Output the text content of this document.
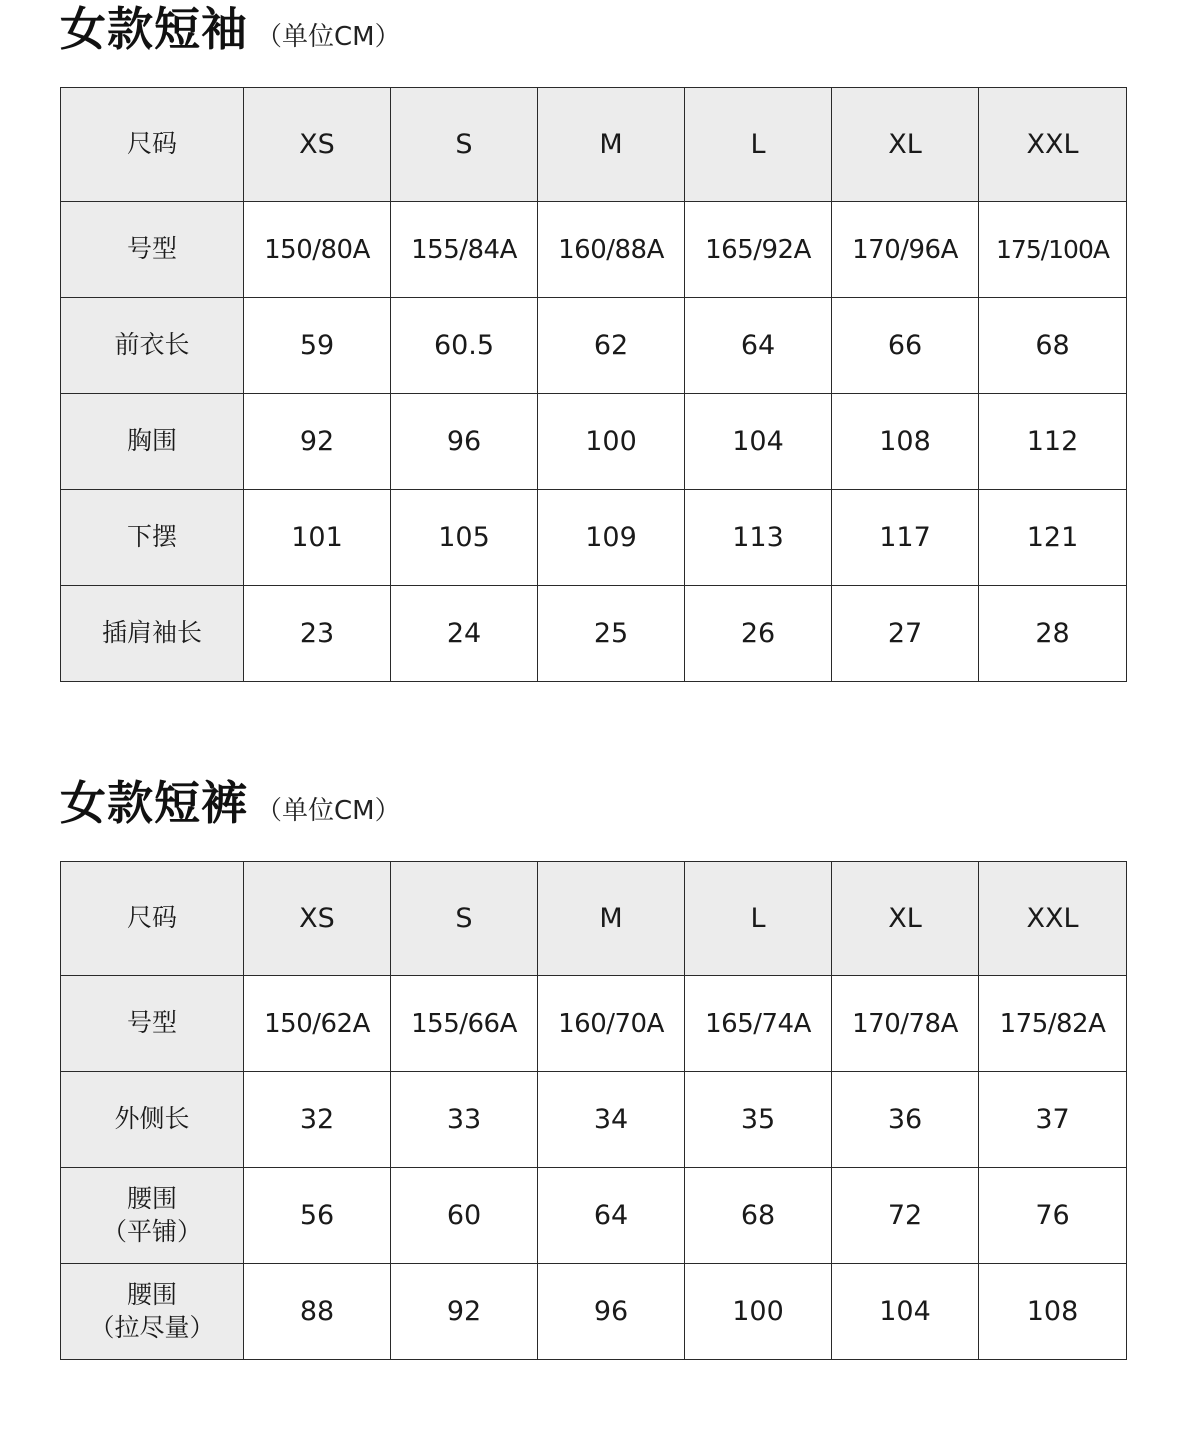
女款短袖 （单位CM）
尺码	XS	S	M	L	XL	XXL

号型	150/80A	155/84A	160/88A	165/92A	170/96A	175/100A

前衣长	59	60.5	62	64	66	68

胸围	92	96	100	104	108	112

下摆	101	105	109	113	117	121

插肩袖长	23	24	25	26	27	28
女款短裤 （单位CM）
尺码	XS	S	M	L	XL	XXL

号型	150/62A	155/66A	160/70A	165/74A	170/78A	175/82A

外侧长	32	33	34	35	36	37

腰围
（平铺）	56	60	64	68	72	76

腰围
（拉尽量）	88	92	96	100	104	108
